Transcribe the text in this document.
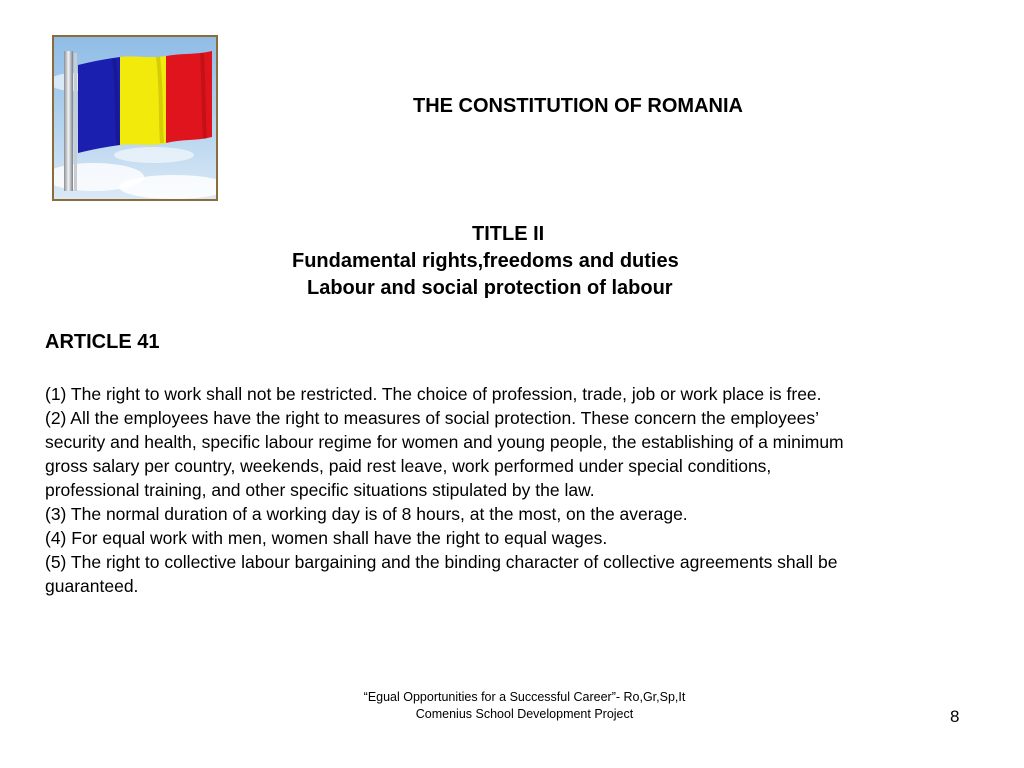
THE CONSTITUTION OF ROMANIA
TITLE II
Fundamental rights,freedoms and duties
Labour and social protection of labour
ARTICLE 41

(1) The right to work shall not be restricted. The choice of profession, trade, job or work place is free.

(2) All the employees have the right to measures of social protection. These concern the employees’

security and health, specific labour regime for women and young people, the establishing of a minimum

gross salary per country, weekends, paid rest leave, work performed under special conditions,

professional training, and other specific situations stipulated by the law.

(3) The normal duration of a working day is of 8 hours, at the most, on the average.

(4) For equal work with men, women shall have the right to equal wages.

(5) The right to collective labour bargaining and the binding character of collective agreements shall be

guaranteed.

“Egual Opportunities for a Successful Career”- Ro,Gr,Sp,It
Comenius School Development Project	8
